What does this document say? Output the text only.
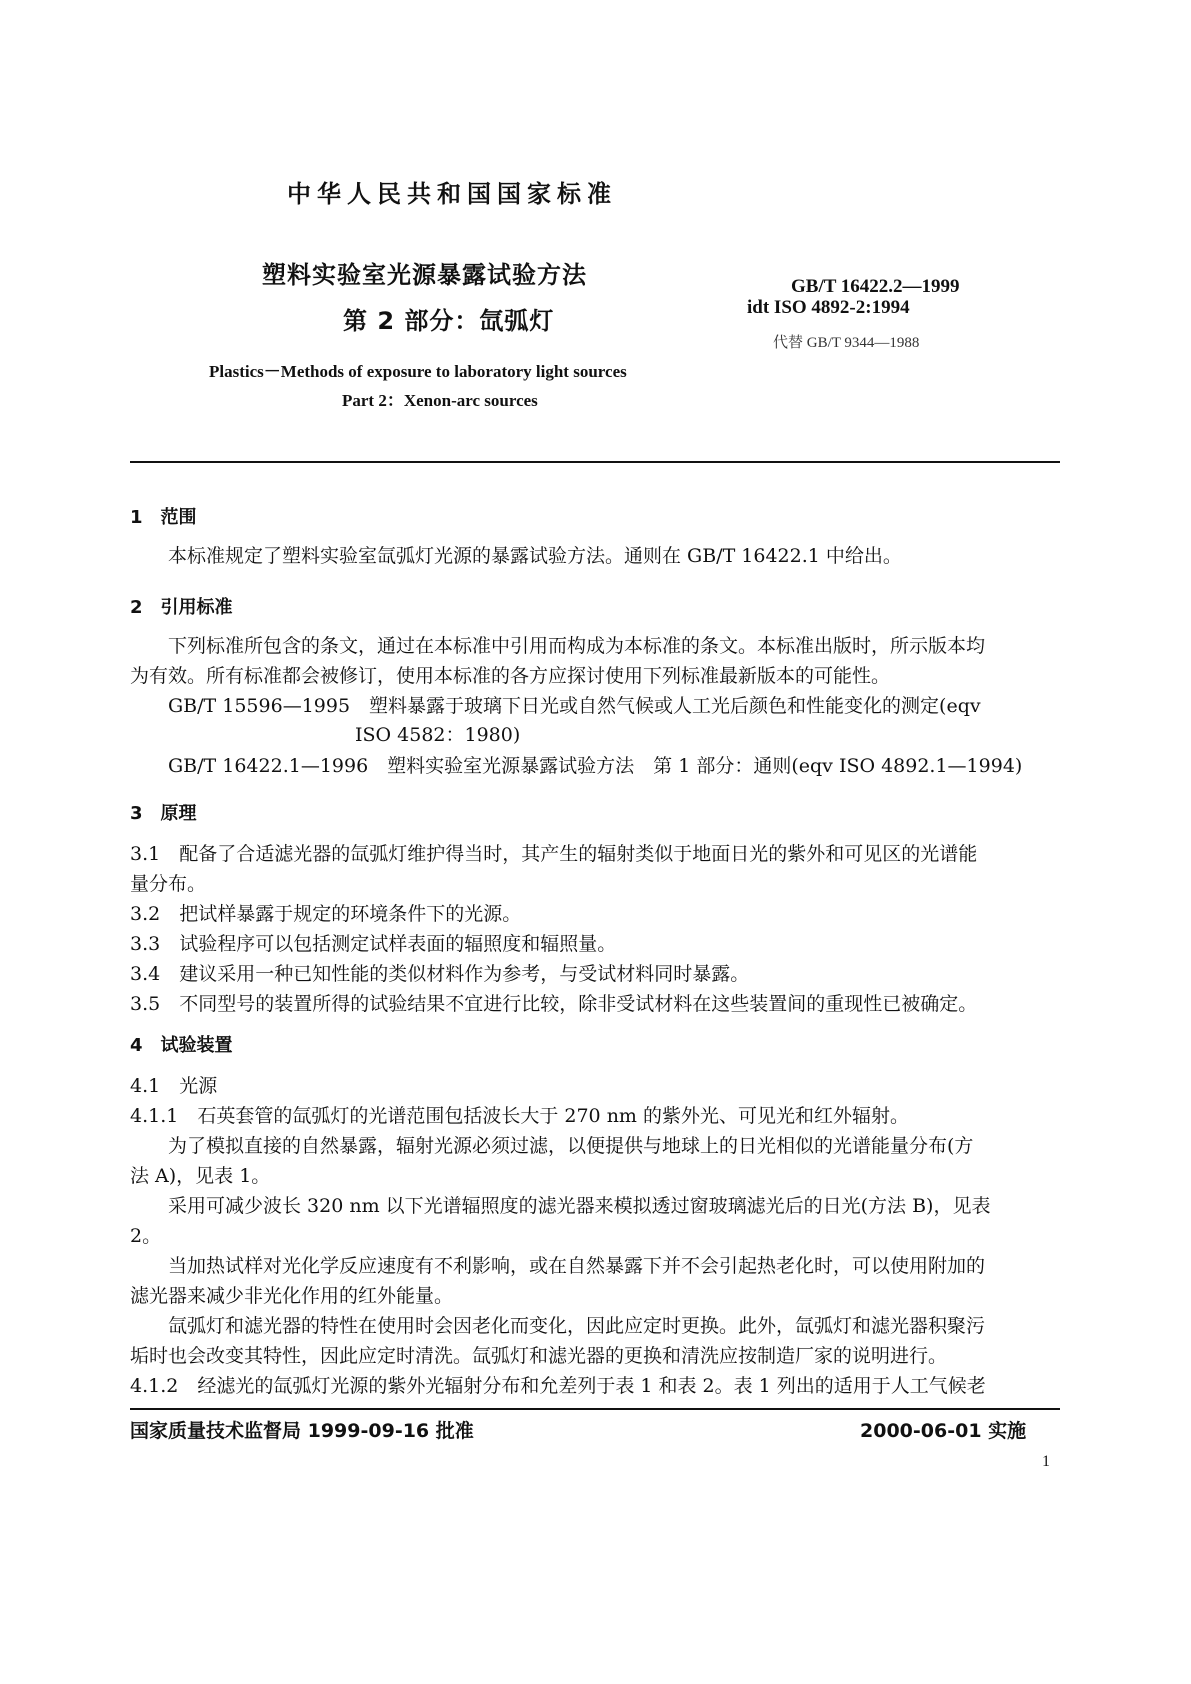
中华人民共和国国家标准
塑料实验室光源暴露试验方法
第 2 部分：氙弧灯
GB/T 16422.2—1999
idt ISO 4892-2:1994
代替 GB/T 9344—1988
Plastics－Methods of exposure to laboratory light sources
Part 2：Xenon-arc sources
1　范围
本标准规定了塑料实验室氙弧灯光源的暴露试验方法。通则在 GB/T 16422.1 中给出。
2　引用标准
下列标准所包含的条文，通过在本标准中引用而构成为本标准的条文。本标准出版时，所示版本均
为有效。所有标准都会被修订，使用本标准的各方应探讨使用下列标准最新版本的可能性。
GB/T 15596—1995　塑料暴露于玻璃下日光或自然气候或人工光后颜色和性能变化的测定(eqv
ISO 4582：1980)
GB/T 16422.1—1996　塑料实验室光源暴露试验方法　第 1 部分：通则(eqv ISO 4892.1—1994)
3　原理
3.1　配备了合适滤光器的氙弧灯维护得当时，其产生的辐射类似于地面日光的紫外和可见区的光谱能
量分布。
3.2　把试样暴露于规定的环境条件下的光源。
3.3　试验程序可以包括测定试样表面的辐照度和辐照量。
3.4　建议采用一种已知性能的类似材料作为参考，与受试材料同时暴露。
3.5　不同型号的装置所得的试验结果不宜进行比较，除非受试材料在这些装置间的重现性已被确定。
4　试验装置
4.1　光源
4.1.1　石英套管的氙弧灯的光谱范围包括波长大于 270 nm 的紫外光、可见光和红外辐射。
为了模拟直接的自然暴露，辐射光源必须过滤，以便提供与地球上的日光相似的光谱能量分布(方
法 A)，见表 1。
采用可减少波长 320 nm 以下光谱辐照度的滤光器来模拟透过窗玻璃滤光后的日光(方法 B)，见表
2。
当加热试样对光化学反应速度有不利影响，或在自然暴露下并不会引起热老化时，可以使用附加的
滤光器来减少非光化作用的红外能量。
氙弧灯和滤光器的特性在使用时会因老化而变化，因此应定时更换。此外，氙弧灯和滤光器积聚污
垢时也会改变其特性，因此应定时清洗。氙弧灯和滤光器的更换和清洗应按制造厂家的说明进行。
4.1.2　经滤光的氙弧灯光源的紫外光辐射分布和允差列于表 1 和表 2。表 1 列出的适用于人工气候老
国家质量技术监督局 1999-09-16 批准	2000-06-01 实施
1
